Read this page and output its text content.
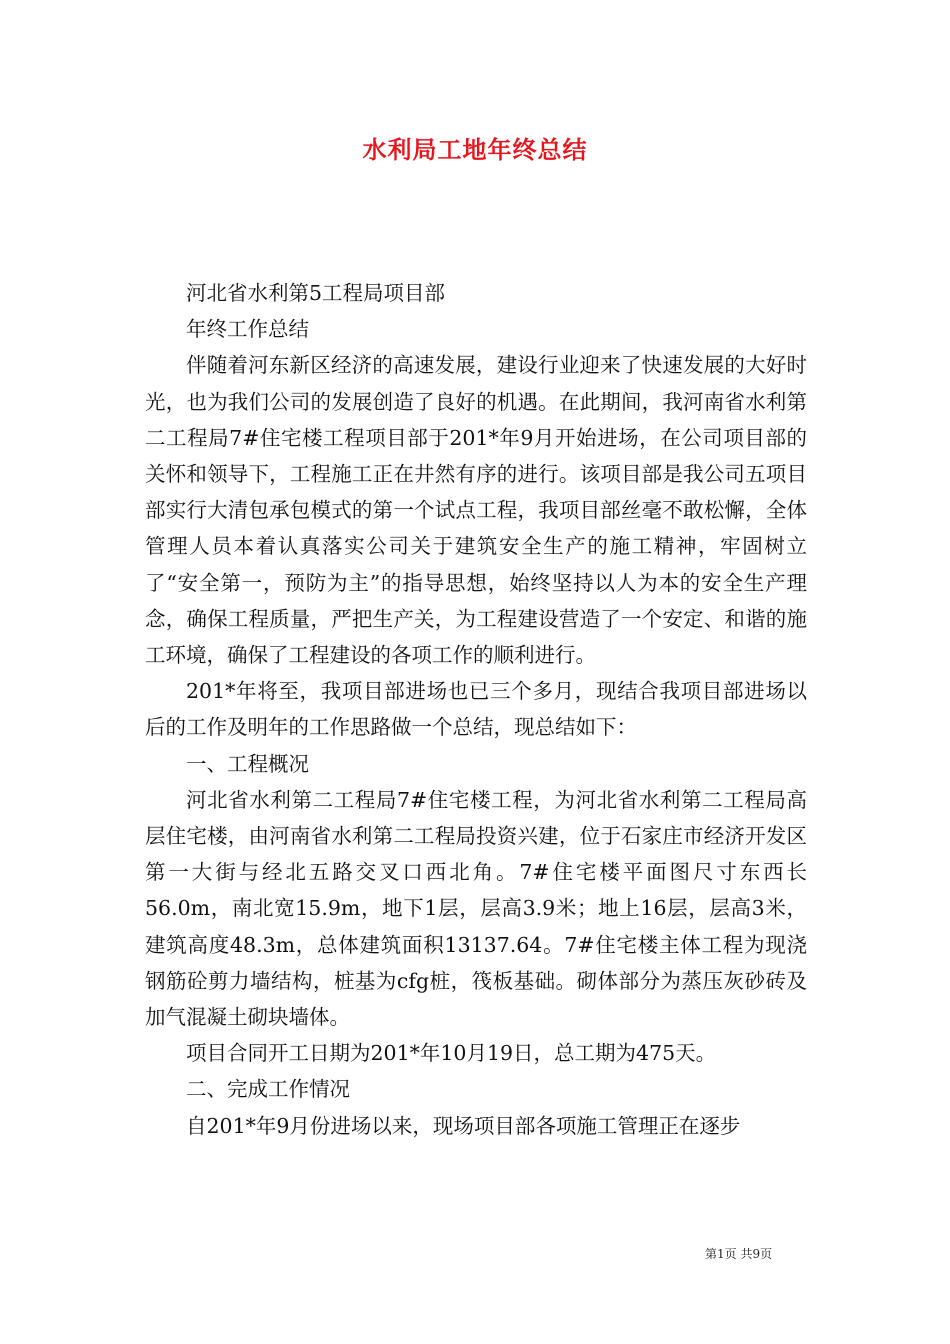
水利局工地年终总结

河北省水利第5工程局项目部

年终工作总结

伴随着河东新区经济的高速发展，建设行业迎来了快速发展的大好时光，也为我们公司的发展创造了良好的机遇。在此期间，我河南省水利第二工程局7#住宅楼工程项目部于201*年9月开始进场，在公司项目部的关怀和领导下，工程施工正在井然有序的进行。该项目部是我公司五项目部实行大清包承包模式的第一个试点工程，我项目部丝毫不敢松懈，全体管理人员本着认真落实公司关于建筑安全生产的施工精神，牢固树立了“安全第一，预防为主”的指导思想，始终坚持以人为本的安全生产理念，确保工程质量，严把生产关，为工程建设营造了一个安定、和谐的施工环境，确保了工程建设的各项工作的顺利进行。

201*年将至，我项目部进场也已三个多月，现结合我项目部进场以后的工作及明年的工作思路做一个总结，现总结如下：

一、工程概况

河北省水利第二工程局7#住宅楼工程，为河北省水利第二工程局高层住宅楼，由河南省水利第二工程局投资兴建，位于石家庄市经济开发区第一大街与经北五路交叉口西北角。7#住宅楼平面图尺寸东西长56.0m，南北宽15.9m，地下1层，层高3.9米；地上16层，层高3米，建筑高度48.3m，总体建筑面积13137.64。7#住宅楼主体工程为现浇钢筋砼剪力墙结构，桩基为cfg桩，筏板基础。砌体部分为蒸压灰砂砖及加气混凝土砌块墙体。

项目合同开工日期为201*年10月19日，总工期为475天。

二、完成工作情况

自201*年9月份进场以来，现场项目部各项施工管理正在逐步

第1页 共9页
